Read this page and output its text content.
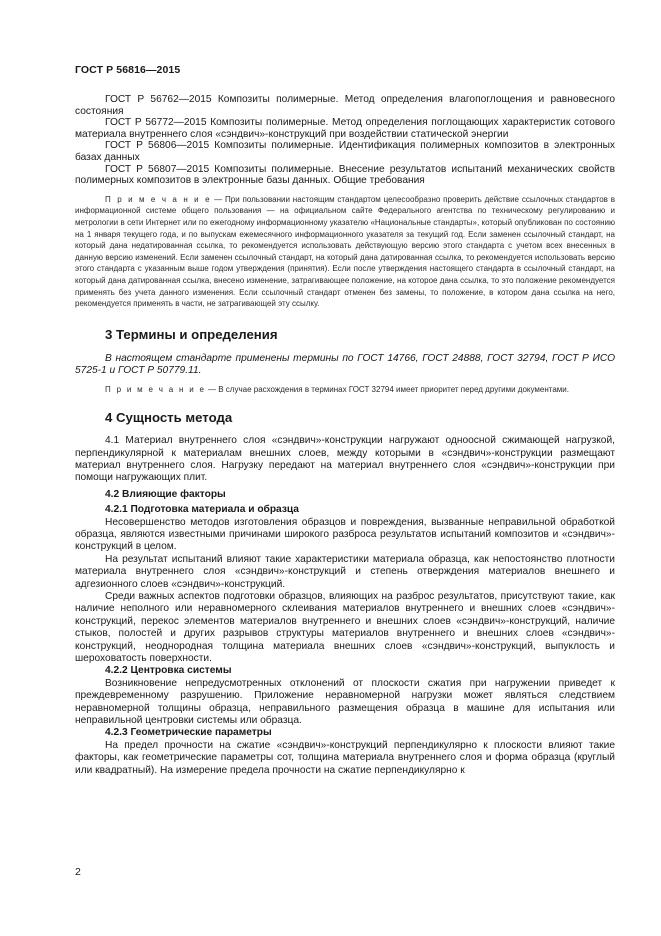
ГОСТ Р 56816—2015

ГОСТ Р 56762—2015 Композиты полимерные. Метод определения влагопоглощения и равновесного состояния

ГОСТ Р 56772—2015 Композиты полимерные. Метод определения поглощающих характеристик сотового материала внутреннего слоя «сэндвич»-конструкций при воздействии статической энергии

ГОСТ Р 56806—2015 Композиты полимерные. Идентификация полимерных композитов в электронных базах данных

ГОСТ Р 56807—2015 Композиты полимерные. Внесение результатов испытаний механических свойств полимерных композитов в электронные базы данных. Общие требования

П р и м е ч а н и е — При пользовании настоящим стандартом целесообразно проверить действие ссылочных стандартов в информационной системе общего пользования — на официальном сайте Федерального агентства по техническому регулированию и метрологии в сети Интернет или по ежегодному информационному указателю «Национальные стандарты», который опубликован по состоянию на 1 января текущего года, и по выпускам ежемесячного информационного указателя за текущий год. Если заменен ссылочный стандарт, на который дана недатированная ссылка, то рекомендуется использовать действующую версию этого стандарта с учетом всех внесенных в данную версию изменений. Если заменен ссылочный стандарт, на который дана датированная ссылка, то рекомендуется использовать версию этого стандарта с указанным выше годом утверждения (принятия). Если после утверждения настоящего стандарта в ссылочный стандарт, на который дана датированная ссылка, внесено изменение, затрагивающее положение, на которое дана ссылка, то это положение рекомендуется применять без учета данного изменения. Если ссылочный стандарт отменен без замены, то положение, в котором дана ссылка на него, рекомендуется применять в части, не затрагивающей эту ссылку.

3 Термины и определения

В настоящем стандарте применены термины по ГОСТ 14766, ГОСТ 24888, ГОСТ 32794, ГОСТ Р ИСО 5725-1 и ГОСТ Р 50779.11.

П р и м е ч а н и е — В случае расхождения в терминах ГОСТ 32794 имеет приоритет перед другими документами.

4 Сущность метода

4.1 Материал внутреннего слоя «сэндвич»-конструкции нагружают одноосной сжимающей нагрузкой, перпендикулярной к материалам внешних слоев, между которыми в «сэндвич»-конструкции размещают материал внутреннего слоя. Нагрузку передают на материал внутреннего слоя «сэндвич»-конструкции при помощи нагружающих плит.

4.2 Влияющие факторы
4.2.1 Подготовка материала и образца

Несовершенство методов изготовления образцов и повреждения, вызванные неправильной обработкой образца, являются известными причинами широкого разброса результатов испытаний композитов и «сэндвич»-конструкций в целом.

На результат испытаний влияют такие характеристики материала образца, как непостоянство плотности материала внутреннего слоя «сэндвич»-конструкций и степень отверждения материалов внешнего и адгезионного слоев «сэндвич»-конструкций.

Среди важных аспектов подготовки образцов, влияющих на разброс результатов, присутствуют такие, как наличие неполного или неравномерного склеивания материалов внутреннего и внешних слоев «сэндвич»-конструкций, перекос элементов материалов внутреннего и внешних слоев «сэндвич»-конструкций, наличие стыков, полостей и других разрывов структуры материалов внутреннего и внешних слоев «сэндвич»-конструкций, неоднородная толщина материала внешних слоев «сэндвич»-конструкций, выпуклость и шероховатость поверхности.

4.2.2 Центровка системы

Возникновение непредусмотренных отклонений от плоскости сжатия при нагружении приведет к преждевременному разрушению. Приложение неравномерной нагрузки может являться следствием неравномерной толщины образца, неправильного размещения образца в машине для испытания или неправильной центровки системы или образца.

4.2.3 Геометрические параметры

На предел прочности на сжатие «сэндвич»-конструкций перпендикулярно к плоскости влияют такие факторы, как геометрические параметры сот, толщина материала внутреннего слоя и форма образца (круглый или квадратный). На измерение предела прочности на сжатие перпендикулярно к

2
